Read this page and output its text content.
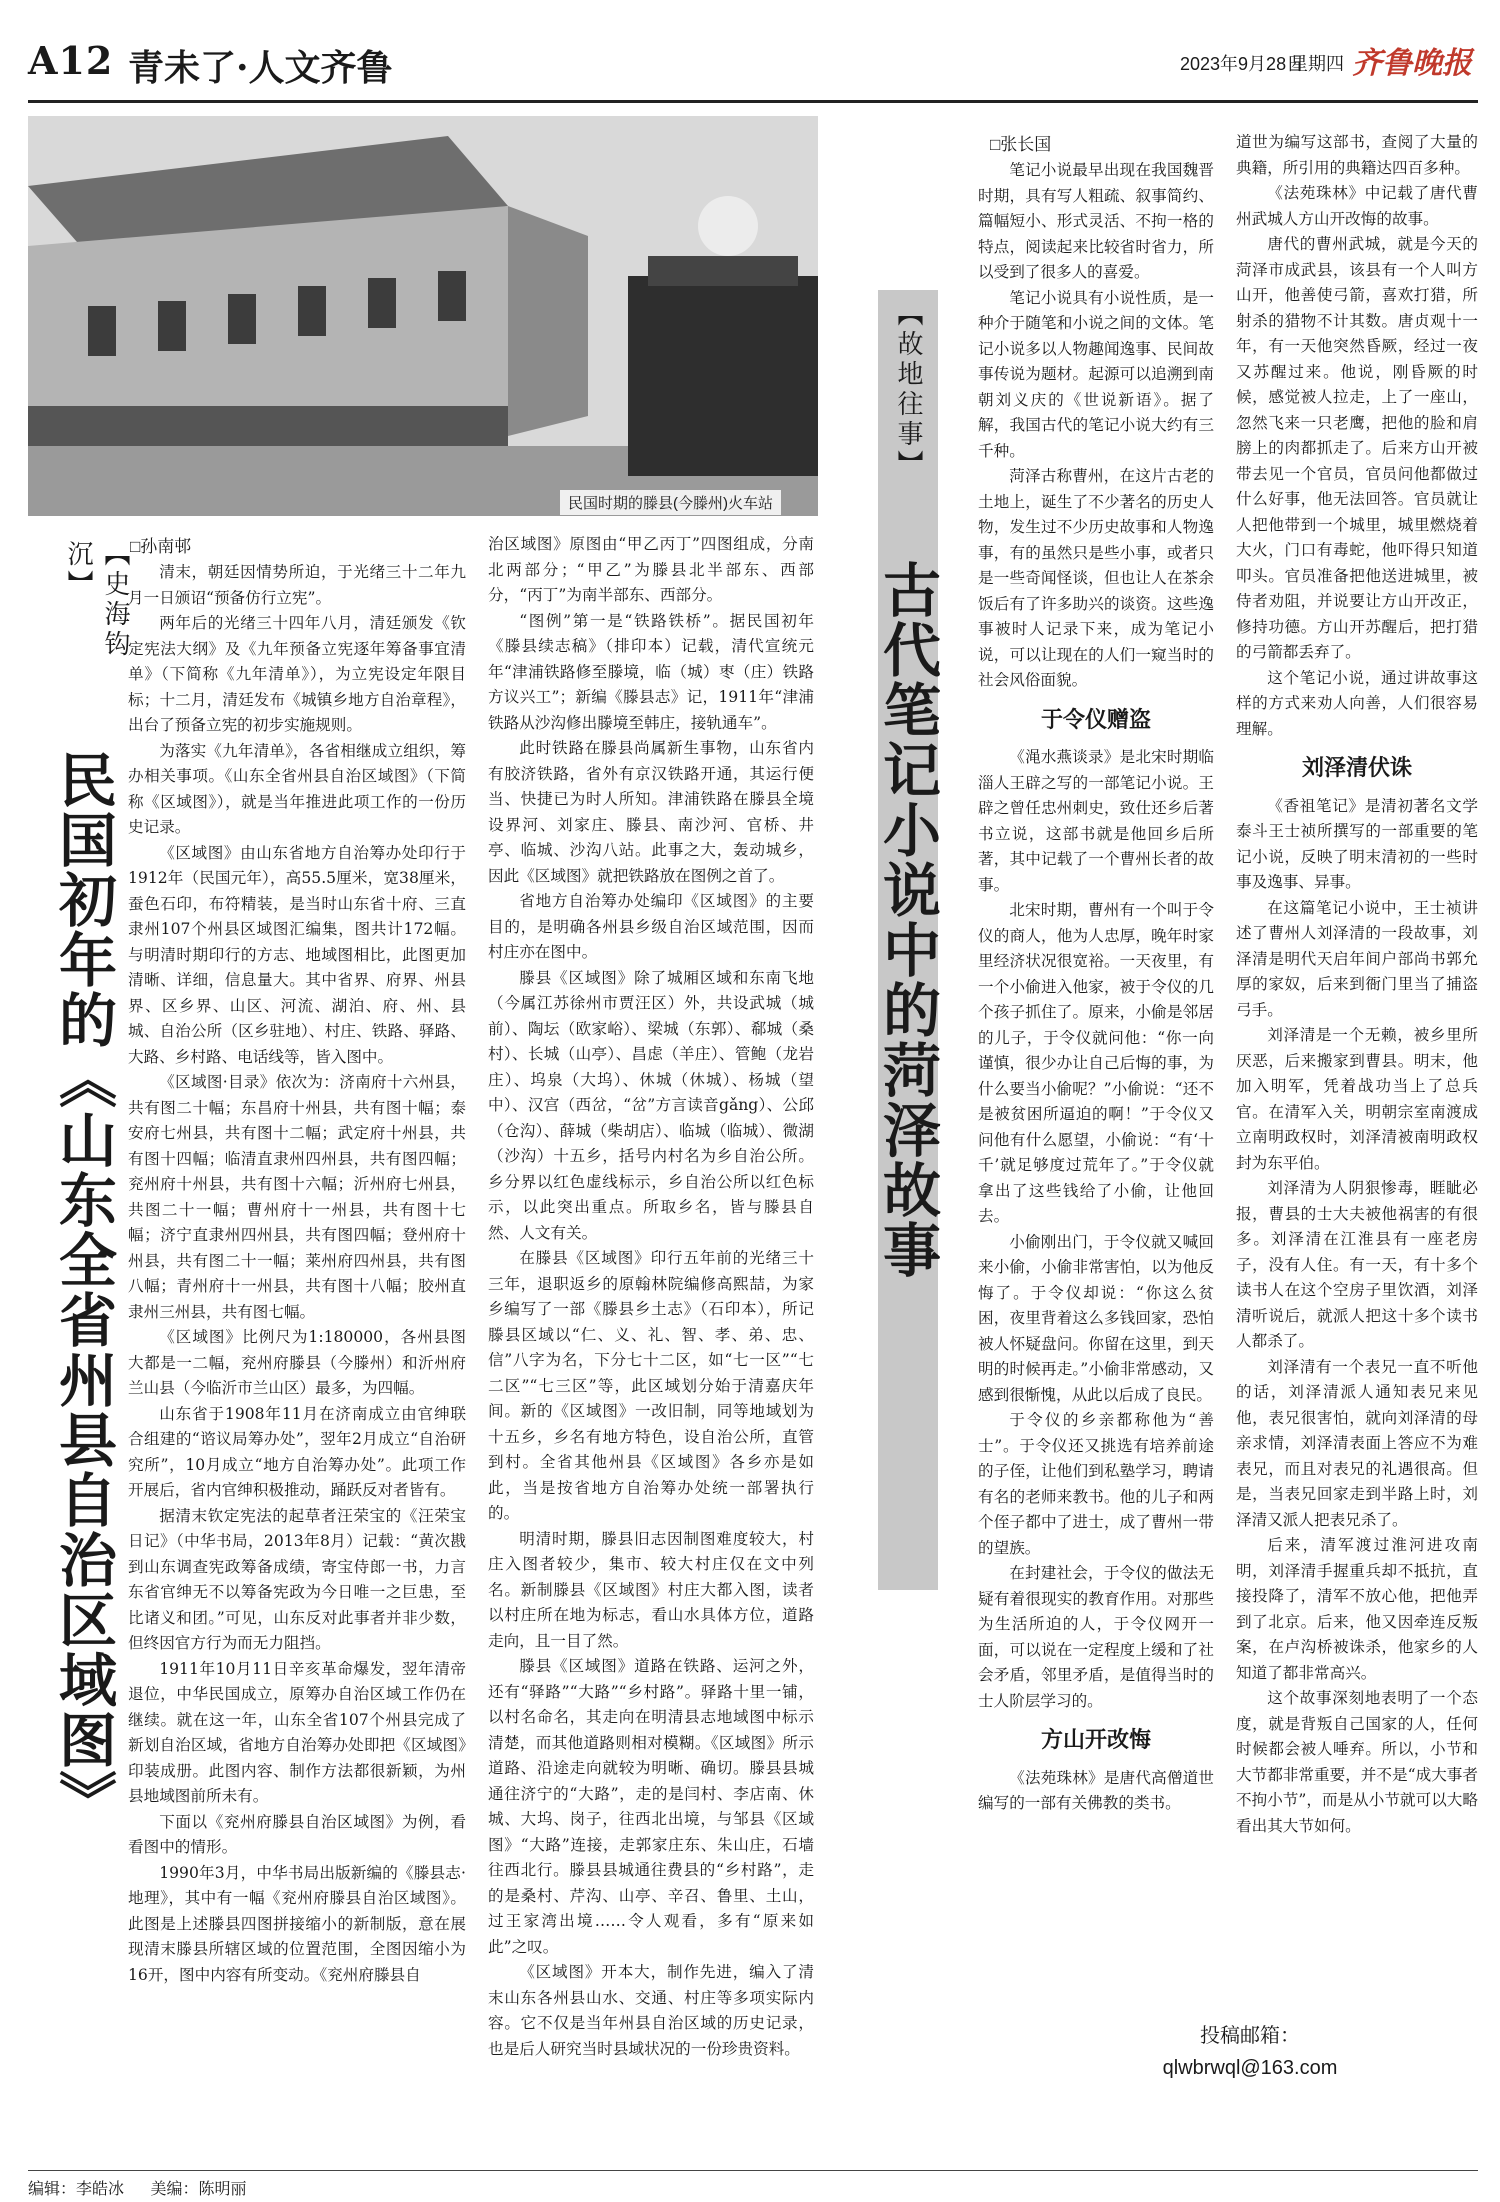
A12 青未了·人文齐鲁	2023年9月28日
星期四 齐鲁晚报
民国时期的滕县(今滕州)火车站
【史海钩沉】
民国初年的《山东全省州县自治区域图》
□孙南邨

清末，朝廷因情势所迫，于光绪三十二年九月一日颁诏“预备仿行立宪”。

两年后的光绪三十四年八月，清廷颁发《钦定宪法大纲》及《九年预备立宪逐年筹备事宜清单》（下简称《九年清单》），为立宪设定年限目标；十二月，清廷发布《城镇乡地方自治章程》，出台了预备立宪的初步实施规则。

为落实《九年清单》，各省相继成立组织，筹办相关事项。《山东全省州县自治区域图》（下简称《区域图》），就是当年推进此项工作的一份历史记录。

《区域图》由山东省地方自治筹办处印行于1912年（民国元年），高55.5厘米，宽38厘米，蚕色石印，布符精装，是当时山东省十府、三直隶州107个州县区域图汇编集，图共计172幅。与明清时期印行的方志、地域图相比，此图更加清晰、详细，信息量大。其中省界、府界、州县界、区乡界、山区、河流、湖泊、府、州、县城、自治公所（区乡驻地）、村庄、铁路、驿路、大路、乡村路、电话线等，皆入图中。

《区域图·目录》依次为：济南府十六州县，共有图二十幅；东昌府十州县，共有图十幅；泰安府七州县，共有图十二幅；武定府十州县，共有图十四幅；临清直隶州四州县，共有图四幅；兖州府十州县，共有图十六幅；沂州府七州县，共图二十一幅；曹州府十一州县，共有图十七幅；济宁直隶州四州县，共有图四幅；登州府十州县，共有图二十一幅；莱州府四州县，共有图八幅；青州府十一州县，共有图十八幅；胶州直隶州三州县，共有图七幅。

《区域图》比例尺为1:180000，各州县图大都是一二幅，兖州府滕县（今滕州）和沂州府兰山县（今临沂市兰山区）最多，为四幅。

山东省于1908年11月在济南成立由官绅联合组建的“谘议局筹办处”，翌年2月成立“自治研究所”，10月成立“地方自治筹办处”。此项工作开展后，省内官绅积极推动，踊跃反对者皆有。

据清末钦定宪法的起草者汪荣宝的《汪荣宝日记》（中华书局，2013年8月）记载：“黄次戡到山东调查宪政筹备成绩，寄宝侍郎一书，力言东省官绅无不以筹备宪政为今日唯一之巨患，至比诸义和团。”可见，山东反对此事者并非少数，但终因官方行为而无力阻挡。

1911年10月11日辛亥革命爆发，翌年清帝退位，中华民国成立，原筹办自治区域工作仍在继续。就在这一年，山东全省107个州县完成了新划自治区域，省地方自治筹办处即把《区域图》印装成册。此图内容、制作方法都很新颖，为州县地域图前所未有。

下面以《兖州府滕县自治区域图》为例，看看图中的情形。

1990年3月，中华书局出版新编的《滕县志·地理》，其中有一幅《兖州府滕县自治区域图》。此图是上述滕县四图拼接缩小的新制版，意在展现清末滕县所辖区域的位置范围，全图因缩小为16开，图中内容有所变动。《兖州府滕县自

治区域图》原图由“甲乙丙丁”四图组成，分南北两部分；“甲乙”为滕县北半部东、西部分，“丙丁”为南半部东、西部分。

“图例”第一是“铁路铁桥”。据民国初年《滕县续志稿》（排印本）记载，清代宣统元年“津浦铁路修至滕境，临（城）枣（庄）铁路方议兴工”；新编《滕县志》记，1911年“津浦铁路从沙沟修出滕境至韩庄，接轨通车”。

此时铁路在滕县尚属新生事物，山东省内有胶济铁路，省外有京汉铁路开通，其运行便当、快捷已为时人所知。津浦铁路在滕县全境设界河、刘家庄、滕县、南沙河、官桥、井亭、临城、沙沟八站。此事之大，轰动城乡，因此《区域图》就把铁路放在图例之首了。

省地方自治筹办处编印《区域图》的主要目的，是明确各州县乡级自治区域范围，因而村庄亦在图中。

滕县《区域图》除了城厢区域和东南飞地（今属江苏徐州市贾汪区）外，共设武城（城前）、陶坛（欧家峪）、梁城（东郭）、郗城（桑村）、长城（山亭）、昌虑（羊庄）、管鲍（龙岩庄）、坞泉（大坞）、休城（休城）、杨城（望中）、汉宫（西岔，“岔”方言读音gǎng）、公邱（仓沟）、薛城（柴胡店）、临城（临城）、微湖（沙沟）十五乡，括号内村名为乡自治公所。乡分界以红色虚线标示，乡自治公所以红色标示，以此突出重点。所取乡名，皆与滕县自然、人文有关。

在滕县《区域图》印行五年前的光绪三十三年，退职返乡的原翰林院编修高熙喆，为家乡编写了一部《滕县乡土志》（石印本），所记滕县区域以“仁、义、礼、智、孝、弟、忠、信”八字为名，下分七十二区，如“七一区”“七二区”“七三区”等，此区域划分始于清嘉庆年间。新的《区域图》一改旧制，同等地域划为十五乡，乡名有地方特色，设自治公所，直管到村。全省其他州县《区域图》各乡亦是如此，当是按省地方自治筹办处统一部署执行的。

明清时期，滕县旧志因制图难度较大，村庄入图者较少，集市、较大村庄仅在文中列名。新制滕县《区域图》村庄大都入图，读者以村庄所在地为标志，看山水具体方位，道路走向，且一目了然。

滕县《区域图》道路在铁路、运河之外，还有“驿路”“大路”“乡村路”。驿路十里一铺，以村名命名，其走向在明清县志地域图中标示清楚，而其他道路则相对模糊。《区域图》所示道路、沿途走向就较为明晰、确切。滕县县城通往济宁的“大路”，走的是闫村、李店南、休城、大坞、岗子，往西北出境，与邹县《区域图》“大路”连接，走郭家庄东、朱山庄，石墙往西北行。滕县县城通往费县的“乡村路”，走的是桑村、芹沟、山亭、辛召、鲁里、土山，过王家湾出境……令人观看，多有“原来如此”之叹。

《区域图》开本大，制作先进，编入了清末山东各州县山水、交通、村庄等多项实际内容。它不仅是当年州县自治区域的历史记录，也是后人研究当时县域状况的一份珍贵资料。

【故地往事】
古代笔记小说中的菏泽故事
□张长国

笔记小说最早出现在我国魏晋时期，具有写人粗疏、叙事简约、篇幅短小、形式灵活、不拘一格的特点，阅读起来比较省时省力，所以受到了很多人的喜爱。

笔记小说具有小说性质，是一种介于随笔和小说之间的文体。笔记小说多以人物趣闻逸事、民间故事传说为题材。起源可以追溯到南朝刘义庆的《世说新语》。据了解，我国古代的笔记小说大约有三千种。

菏泽古称曹州，在这片古老的土地上，诞生了不少著名的历史人物，发生过不少历史故事和人物逸事，有的虽然只是些小事，或者只是一些奇闻怪谈，但也让人在茶余饭后有了许多助兴的谈资。这些逸事被时人记录下来，成为笔记小说，可以让现在的人们一窥当时的社会风俗面貌。

于令仪赠盗

《渑水燕谈录》是北宋时期临淄人王辟之写的一部笔记小说。王辟之曾任忠州刺史，致仕还乡后著书立说，这部书就是他回乡后所著，其中记载了一个曹州长者的故事。

北宋时期，曹州有一个叫于令仪的商人，他为人忠厚，晚年时家里经济状况很宽裕。一天夜里，有一个小偷进入他家，被于令仪的几个孩子抓住了。原来，小偷是邻居的儿子，于令仪就问他：“你一向谨慎，很少办让自己后悔的事，为什么要当小偷呢？”小偷说：“还不是被贫困所逼迫的啊！”于令仪又问他有什么愿望，小偷说：“有‘十千’就足够度过荒年了。”于令仪就拿出了这些钱给了小偷，让他回去。

小偷刚出门，于令仪就又喊回来小偷，小偷非常害怕，以为他反悔了。于令仪却说：“你这么贫困，夜里背着这么多钱回家，恐怕被人怀疑盘问。你留在这里，到天明的时候再走。”小偷非常感动，又感到很惭愧，从此以后成了良民。

于令仪的乡亲都称他为“善士”。于令仪还又挑选有培养前途的子侄，让他们到私塾学习，聘请有名的老师来教书。他的儿子和两个侄子都中了进士，成了曹州一带的望族。

在封建社会，于令仪的做法无疑有着很现实的教育作用。对那些为生活所迫的人，于令仪网开一面，可以说在一定程度上缓和了社会矛盾，邻里矛盾，是值得当时的士人阶层学习的。

方山开改悔

《法苑珠林》是唐代高僧道世编写的一部有关佛教的类书。

道世为编写这部书，查阅了大量的典籍，所引用的典籍达四百多种。

《法苑珠林》中记载了唐代曹州武城人方山开改悔的故事。

唐代的曹州武城，就是今天的菏泽市成武县，该县有一个人叫方山开，他善使弓箭，喜欢打猎，所射杀的猎物不计其数。唐贞观十一年，有一天他突然昏厥，经过一夜又苏醒过来。他说，刚昏厥的时候，感觉被人拉走，上了一座山，忽然飞来一只老鹰，把他的脸和肩膀上的肉都抓走了。后来方山开被带去见一个官员，官员问他都做过什么好事，他无法回答。官员就让人把他带到一个城里，城里燃烧着大火，门口有毒蛇，他吓得只知道叩头。官员准备把他送进城里，被侍者劝阻，并说要让方山开改正，修持功德。方山开苏醒后，把打猎的弓箭都丢弃了。

这个笔记小说，通过讲故事这样的方式来劝人向善，人们很容易理解。

刘泽清伏诛

《香祖笔记》是清初著名文学泰斗王士祯所撰写的一部重要的笔记小说，反映了明末清初的一些时事及逸事、异事。

在这篇笔记小说中，王士祯讲述了曹州人刘泽清的一段故事，刘泽清是明代天启年间户部尚书郭允厚的家奴，后来到衙门里当了捕盗弓手。

刘泽清是一个无赖，被乡里所厌恶，后来搬家到曹县。明末，他加入明军，凭着战功当上了总兵官。在清军入关，明朝宗室南渡成立南明政权时，刘泽清被南明政权封为东平伯。

刘泽清为人阴狠惨毒，睚眦必报，曹县的士大夫被他祸害的有很多。刘泽清在江淮县有一座老房子，没有人住。有一天，有十多个读书人在这个空房子里饮酒，刘泽清听说后，就派人把这十多个读书人都杀了。

刘泽清有一个表兄一直不听他的话，刘泽清派人通知表兄来见他，表兄很害怕，就向刘泽清的母亲求情，刘泽清表面上答应不为难表兄，而且对表兄的礼遇很高。但是，当表兄回家走到半路上时，刘泽清又派人把表兄杀了。

后来，清军渡过淮河进攻南明，刘泽清手握重兵却不抵抗，直接投降了，清军不放心他，把他弄到了北京。后来，他又因牵连反叛案，在卢沟桥被诛杀，他家乡的人知道了都非常高兴。

这个故事深刻地表明了一个态度，就是背叛自己国家的人，任何时候都会被人唾弃。所以，小节和大节都非常重要，并不是“成大事者不拘小节”，而是从小节就可以大略看出其大节如何。

投稿邮箱：
qlwbrwql@163.com
编辑：李皓冰 美编：陈明丽
